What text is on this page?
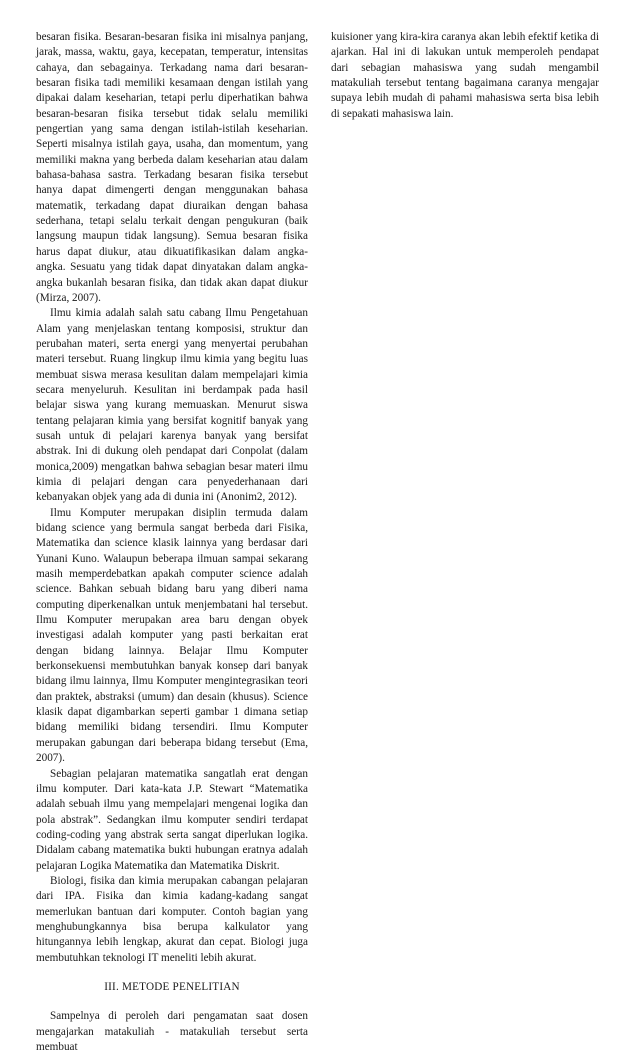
besaran fisika. Besaran-besaran fisika ini misalnya panjang, jarak, massa, waktu, gaya, kecepatan, temperatur, intensitas cahaya, dan sebagainya. Terkadang nama dari besaran-besaran fisika tadi memiliki kesamaan dengan istilah yang dipakai dalam keseharian, tetapi perlu diperhatikan bahwa besaran-besaran fisika tersebut tidak selalu memiliki pengertian yang sama dengan istilah-istilah keseharian. Seperti misalnya istilah gaya, usaha, dan momentum, yang memiliki makna yang berbeda dalam keseharian atau dalam bahasa-bahasa sastra. Terkadang besaran fisika tersebut hanya dapat dimengerti dengan menggunakan bahasa matematik, terkadang dapat diuraikan dengan bahasa sederhana, tetapi selalu terkait dengan pengukuran (baik langsung maupun tidak langsung). Semua besaran fisika harus dapat diukur, atau dikuatifikasikan dalam angka-angka. Sesuatu yang tidak dapat dinyatakan dalam angka-angka bukanlah besaran fisika, dan tidak akan dapat diukur (Mirza, 2007).

Ilmu kimia adalah salah satu cabang Ilmu Pengetahuan Alam yang menjelaskan tentang komposisi, struktur dan perubahan materi, serta energi yang menyertai perubahan materi tersebut. Ruang lingkup ilmu kimia yang begitu luas membuat siswa merasa kesulitan dalam mempelajari kimia secara menyeluruh. Kesulitan ini berdampak pada hasil belajar siswa yang kurang memuaskan. Menurut siswa tentang pelajaran kimia yang bersifat kognitif banyak yang susah untuk di pelajari karenya banyak yang bersifat abstrak. Ini di dukung oleh pendapat dari Conpolat (dalam monica,2009) mengatkan bahwa sebagian besar materi ilmu kimia di pelajari dengan cara penyederhanaan dari kebanyakan objek yang ada di dunia ini (Anonim2, 2012).

Ilmu Komputer merupakan disiplin termuda dalam bidang science yang bermula sangat berbeda dari Fisika, Matematika dan science klasik lainnya yang berdasar dari Yunani Kuno. Walaupun beberapa ilmuan sampai sekarang masih memperdebatkan apakah computer science adalah science. Bahkan sebuah bidang baru yang diberi nama computing diperkenalkan untuk menjembatani hal tersebut. Ilmu Komputer merupakan area baru dengan obyek investigasi adalah komputer yang pasti berkaitan erat dengan bidang lainnya. Belajar Ilmu Komputer berkonsekuensi membutuhkan banyak konsep dari banyak bidang ilmu lainnya, Ilmu Komputer mengintegrasikan teori dan praktek, abstraksi (umum) dan desain (khusus). Science klasik dapat digambarkan seperti gambar 1 dimana setiap bidang memiliki bidang tersendiri. Ilmu Komputer merupakan gabungan dari beberapa bidang tersebut (Ema, 2007).

Sebagian pelajaran matematika sangatlah erat dengan ilmu komputer. Dari kata-kata J.P. Stewart “Matematika adalah sebuah ilmu yang mempelajari mengenai logika dan pola abstrak”. Sedangkan ilmu komputer sendiri terdapat coding-coding yang abstrak serta sangat diperlukan logika. Didalam cabang matematika bukti hubungan eratnya adalah pelajaran Logika Matematika dan Matematika Diskrit.

Biologi, fisika dan kimia merupakan cabangan pelajaran dari IPA. Fisika dan kimia kadang-kadang sangat memerlukan bantuan dari komputer. Contoh bagian yang menghubungkannya bisa berupa kalkulator yang hitungannya lebih lengkap, akurat dan cepat. Biologi juga membutuhkan teknologi IT meneliti lebih akurat.

III. METODE PENELITIAN

Sampelnya di peroleh dari pengamatan saat dosen mengajarkan matakuliah - matakuliah tersebut serta membuat

kuisioner yang kira-kira caranya akan lebih efektif ketika di ajarkan. Hal ini di lakukan untuk memperoleh pendapat dari sebagian mahasiswa yang sudah mengambil matakuliah tersebut tentang bagaimana caranya mengajar supaya lebih mudah di pahami mahasiswa serta bisa lebih di sepakati mahasiswa lain.
